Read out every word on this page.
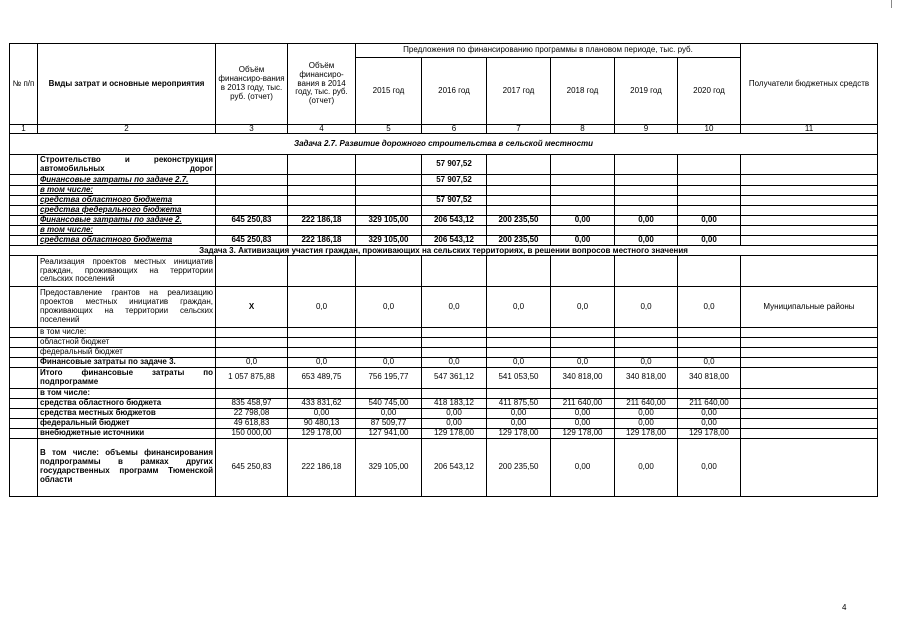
№ п/п	Вмды затрат и основные мероприятия	Объём финансиро-вания в 2013 году, тыс. руб. (отчет)	Объём финансиро-вания в 2014 году, тыс. руб. (отчет)	Предложения по финансированию программы в плановом периоде, тыс. руб.						Получатели бюджетных средств
				2015 год	2016 год	2017 год	2018 год	2019 год	2020 год	
1	2	3	4	5	6	7	8	9	10	11
Задача 2.7. Развитие дорожного строительства в сельской местности										
	Строительство и реконструкция автомобильных дорог				57 907,52					
	Финансовые затраты по задаче 2.7.				57 907,52					
	в том числе:									
	средства областного бюджета				57 907,52					
	средства федерального бюджета									
	Финансовые затраты по задаче 2.	645 250,83	222 186,18	329 105,00	206 543,12	200 235,50	0,00	0,00	0,00	
	в том числе:									
	средства областного бюджета	645 250,83	222 186,18	329 105,00	206 543,12	200 235,50	0,00	0,00	0,00	
Задача 3. Активизация участия граждан, проживающих на сельских территориях, в решении вопросов местного значения										
	Реализация проектов местных инициатив граждан, проживающих на территории сельских поселений									
	Предоставление грантов на реализацию проектов местных инициатив граждан, проживающих на территории сельских поселений	X	0,0	0,0	0,0	0,0	0,0	0,0	0,0	Муниципальные районы
	в том числе:									
	областной бюджет									
	федеральный бюджет									
	Финансовые затраты по задаче 3.	0,0	0,0	0,0	0,0	0,0	0,0	0,0	0,0	
	Итого финансовые затраты по подпрограмме	1 057 875,88	653 489,75	756 195,77	547 361,12	541 053,50	340 818,00	340 818,00	340 818,00	
	в том числе:									
	средства областного бюджета	835 458,97	433 831,62	540 745,00	418 183,12	411 875,50	211 640,00	211 640,00	211 640,00	
	средства местных бюджетов	22 798,08	0,00	0,00	0,00	0,00	0,00	0,00	0,00	
	федеральный бюджет	49 618,83	90 480,13	87 509,77	0,00	0,00	0,00	0,00	0,00	
	внебюджетные источники	150 000,00	129 178,00	127 941,00	129 178,00	129 178,00	129 178,00	129 178,00	129 178,00	
	В том числе: объемы финансирования подпрограммы в рамках других государственных программ Тюменской области	645 250,83	222 186,18	329 105,00	206 543,12	200 235,50	0,00	0,00	0,00	
4
